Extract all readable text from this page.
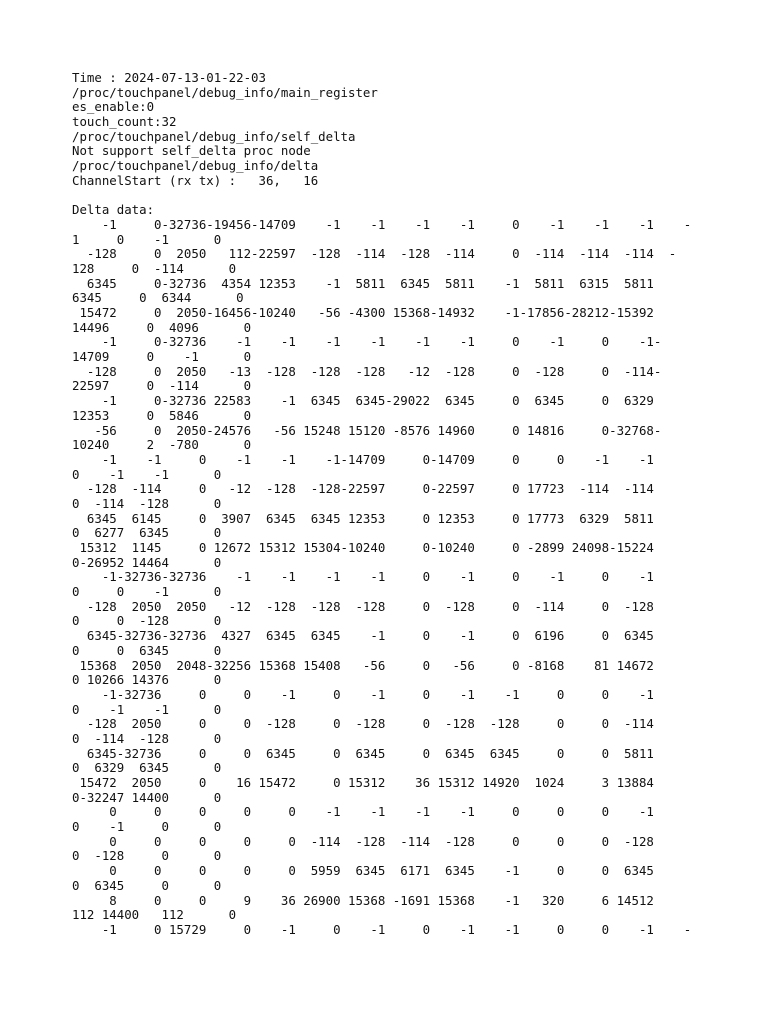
Time : 2024-07-13-01-22-03
/proc/touchpanel/debug_info/main_register
es_enable:0
touch_count:32
/proc/touchpanel/debug_info/self_delta
Not support self_delta proc node
/proc/touchpanel/debug_info/delta
ChannelStart (rx tx) :   36,   16
Delta data:
-1     0-32736-19456-14709    -1    -1    -1    -1     0    -1    -1    -1    -
1     0    -1      0
-128     0  2050   112-22597  -128  -114  -128  -114     0  -114  -114  -114  -
128     0  -114      0
6345     0-32736  4354 12353    -1  5811  6345  5811    -1  5811  6315  5811
6345     0  6344      0
15472     0  2050-16456-10240   -56 -4300 15368-14932    -1-17856-28212-15392
14496     0  4096      0
-1     0-32736    -1    -1    -1    -1    -1    -1     0    -1     0    -1-
14709     0    -1      0
-128     0  2050   -13  -128  -128  -128   -12  -128     0  -128     0  -114-
22597     0  -114      0
-1     0-32736 22583    -1  6345  6345-29022  6345     0  6345     0  6329
12353     0  5846      0
-56     0  2050-24576   -56 15248 15120 -8576 14960     0 14816     0-32768-
10240     2  -780      0
-1    -1     0    -1    -1    -1-14709     0-14709     0     0    -1    -1
0    -1    -1      0
-128  -114     0   -12  -128  -128-22597     0-22597     0 17723  -114  -114
0  -114  -128      0
6345  6145     0  3907  6345  6345 12353     0 12353     0 17773  6329  5811
0  6277  6345      0
15312  1145     0 12672 15312 15304-10240     0-10240     0 -2899 24098-15224
0-26952 14464      0
-1-32736-32736    -1    -1    -1    -1     0    -1     0    -1     0    -1
0     0    -1      0
-128  2050  2050   -12  -128  -128  -128     0  -128     0  -114     0  -128
0     0  -128      0
6345-32736-32736  4327  6345  6345    -1     0    -1     0  6196     0  6345
0     0  6345      0
15368  2050  2048-32256 15368 15408   -56     0   -56     0 -8168    81 14672
0 10266 14376      0
-1-32736     0     0    -1     0    -1     0    -1    -1     0     0    -1
0    -1    -1      0
-128  2050     0     0  -128     0  -128     0  -128  -128     0     0  -114
0  -114  -128      0
6345-32736     0     0  6345     0  6345     0  6345  6345     0     0  5811
0  6329  6345      0
15472  2050     0    16 15472     0 15312    36 15312 14920  1024     3 13884
0-32247 14400      0
0     0     0     0     0    -1    -1    -1    -1     0     0     0    -1
0    -1     0      0
0     0     0     0     0  -114  -128  -114  -128     0     0     0  -128
0  -128     0      0
0     0     0     0     0  5959  6345  6171  6345    -1     0     0  6345
0  6345     0      0
8     0     0     9    36 26900 15368 -1691 15368    -1   320     6 14512
112 14400   112      0
-1     0 15729     0    -1     0    -1     0    -1    -1     0     0    -1    -
